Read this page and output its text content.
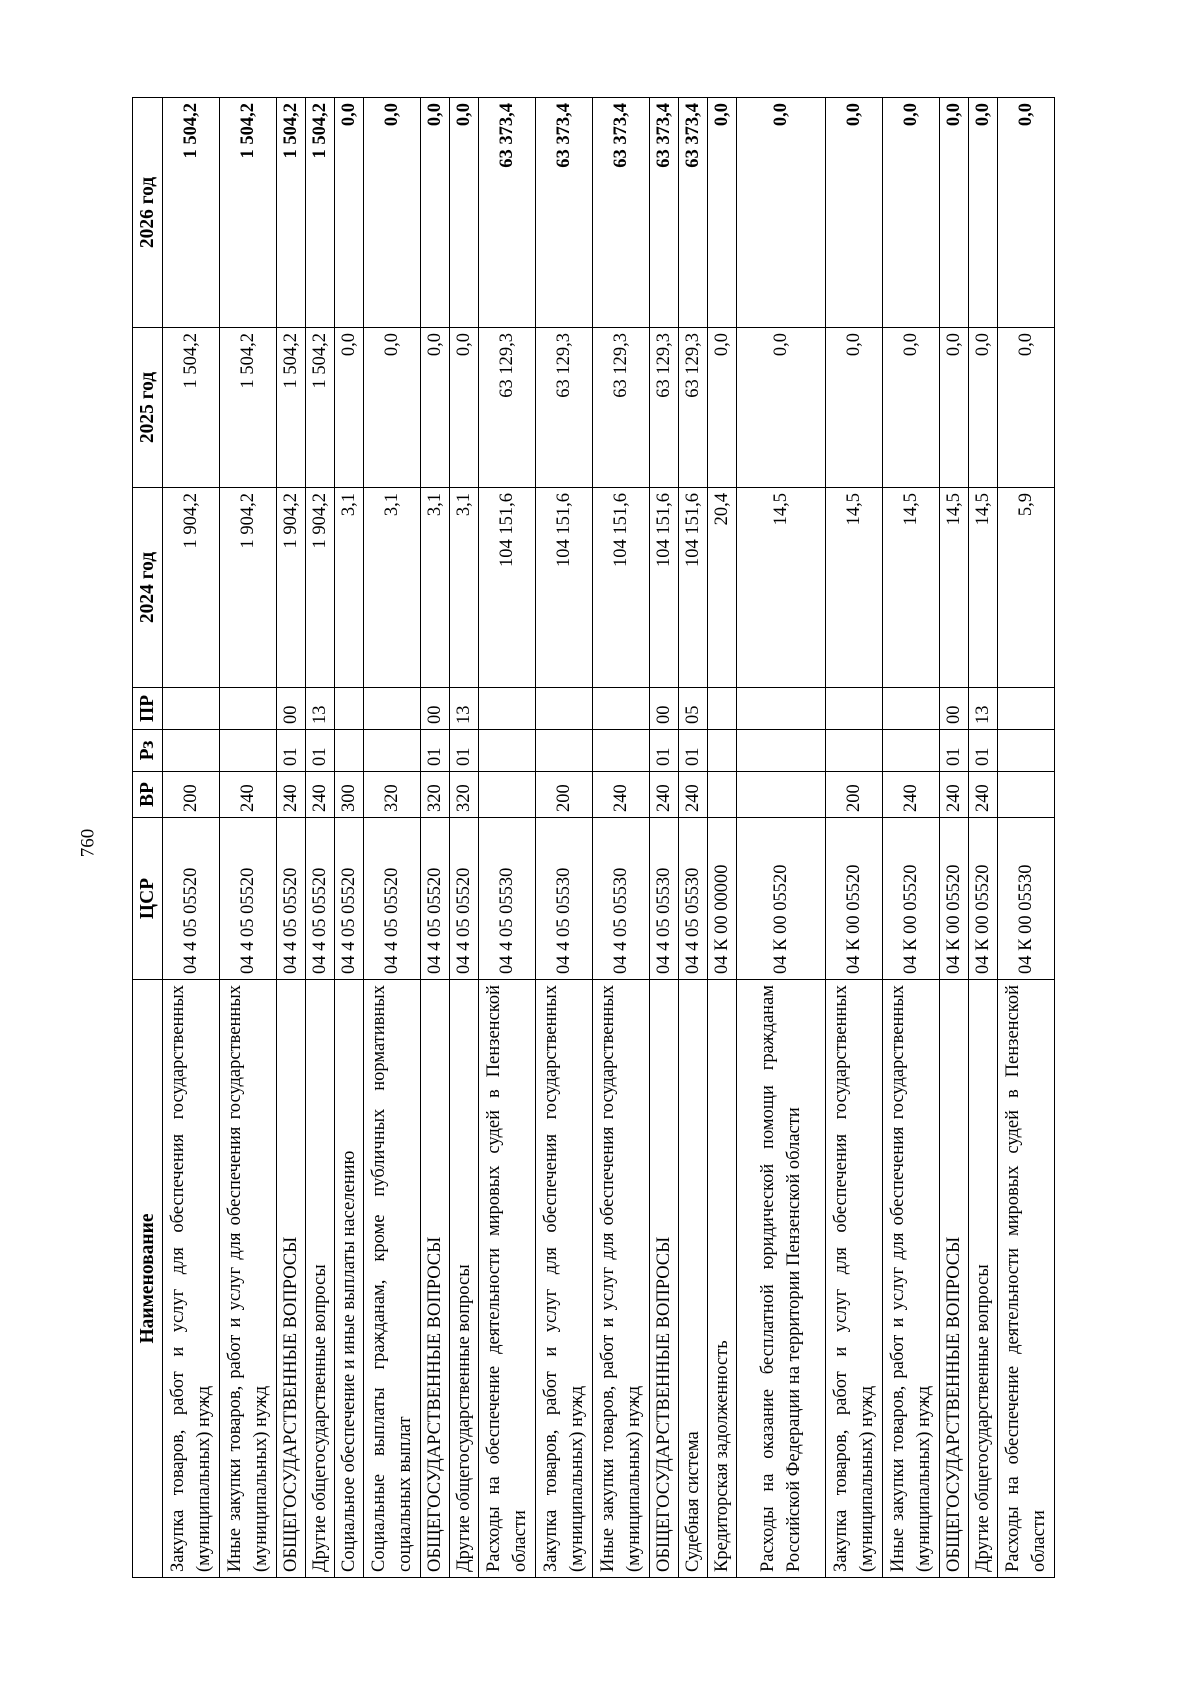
760
Наименование	ЦСР	ВР	Рз	ПР	2024 год	2025 год	2026 год
Закупка товаров, работ и услуг для обеспечения государственных (муниципальных) нужд	04 4 05 05520	200			1 904,2	1 504,2	1 504,2
Иные закупки товаров, работ и услуг для обеспечения государственных (муниципальных) нужд	04 4 05 05520	240			1 904,2	1 504,2	1 504,2
ОБЩЕГОСУДАРСТВЕННЫЕ ВОПРОСЫ	04 4 05 05520	240	01	00	1 904,2	1 504,2	1 504,2
Другие общегосударственные вопросы	04 4 05 05520	240	01	13	1 904,2	1 504,2	1 504,2
Социальное обеспечение и иные выплаты населению	04 4 05 05520	300			3,1	0,0	0,0
Социальные выплаты гражданам, кроме публичных нормативных социальных выплат	04 4 05 05520	320			3,1	0,0	0,0
ОБЩЕГОСУДАРСТВЕННЫЕ ВОПРОСЫ	04 4 05 05520	320	01	00	3,1	0,0	0,0
Другие общегосударственные вопросы	04 4 05 05520	320	01	13	3,1	0,0	0,0
Расходы на обеспечение деятельности мировых судей в Пензенской области	04 4 05 05530				104 151,6	63 129,3	63 373,4
Закупка товаров, работ и услуг для обеспечения государственных (муниципальных) нужд	04 4 05 05530	200			104 151,6	63 129,3	63 373,4
Иные закупки товаров, работ и услуг для обеспечения государственных (муниципальных) нужд	04 4 05 05530	240			104 151,6	63 129,3	63 373,4
ОБЩЕГОСУДАРСТВЕННЫЕ ВОПРОСЫ	04 4 05 05530	240	01	00	104 151,6	63 129,3	63 373,4
Судебная система	04 4 05 05530	240	01	05	104 151,6	63 129,3	63 373,4
Кредиторская задолженность	04 К 00 00000				20,4	0,0	0,0
Расходы на оказание бесплатной юридической помощи гражданам Российской Федерации на территории Пензенской области	04 К 00 05520				14,5	0,0	0,0
Закупка товаров, работ и услуг для обеспечения государственных (муниципальных) нужд	04 К 00 05520	200			14,5	0,0	0,0
Иные закупки товаров, работ и услуг для обеспечения государственных (муниципальных) нужд	04 К 00 05520	240			14,5	0,0	0,0
ОБЩЕГОСУДАРСТВЕННЫЕ ВОПРОСЫ	04 К 00 05520	240	01	00	14,5	0,0	0,0
Другие общегосударственные вопросы	04 К 00 05520	240	01	13	14,5	0,0	0,0
Расходы на обеспечение деятельности мировых судей в Пензенской области	04 К 00 05530				5,9	0,0	0,0
